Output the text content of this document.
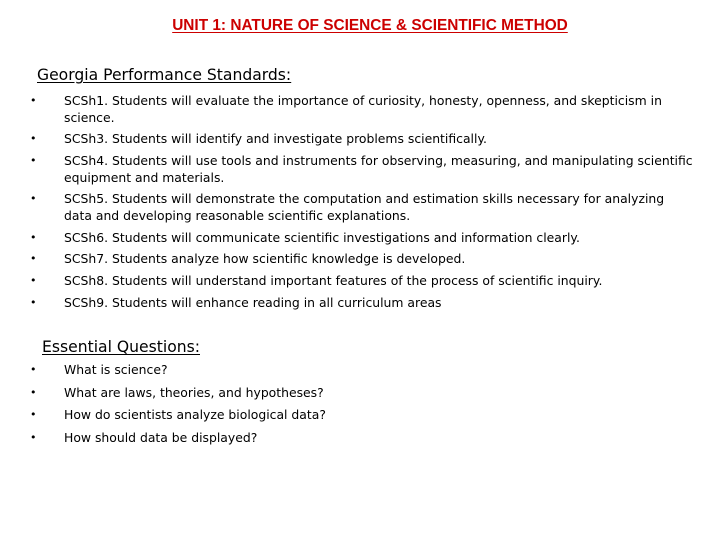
UNIT 1: NATURE OF SCIENCE & SCIENTIFIC METHOD
Georgia Performance Standards:
• SCSh1. Students will evaluate the importance of curiosity, honesty, openness, and skepticism in science.
• SCSh3. Students will identify and investigate problems scientifically.
• SCSh4. Students will use tools and instruments for observing, measuring, and manipulating scientific equipment and materials.
• SCSh5. Students will demonstrate the computation and estimation skills necessary for analyzing data and developing reasonable scientific explanations.
• SCSh6. Students will communicate scientific investigations and information clearly.
• SCSh7. Students analyze how scientific knowledge is developed.
• SCSh8. Students will understand important features of the process of scientific inquiry.
• SCSh9. Students will enhance reading in all curriculum areas
Essential Questions:
• What is science?
• What are laws, theories, and hypotheses?
• How do scientists analyze biological data?
• How should data be displayed?
